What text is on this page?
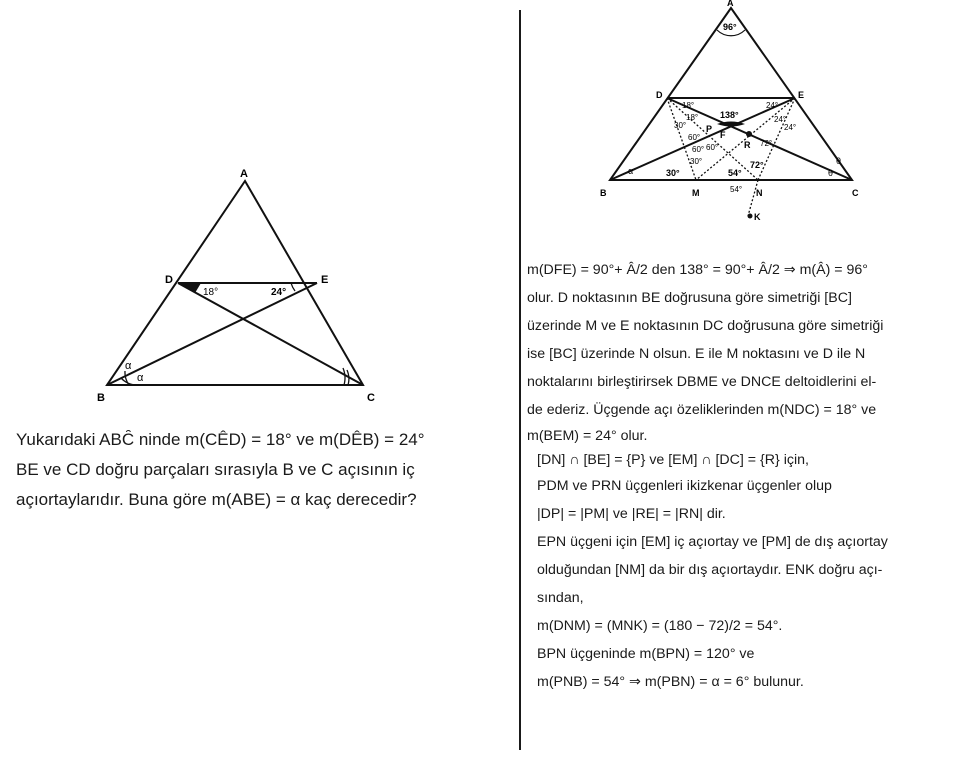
A
B	C
D	E
18°	24°
α
α
Yukarıdaki ABC̑ ninde m(CÊD) = 18° ve m(DÊB) = 24°
BE ve CD doğru parçaları sırasıyla B ve C açısının iç
açıortaylarıdır. Buna göre m(ABE) = α kaç derecedir?
A
B	C
D	E
M	N
K
P
F
R
96°
138°
18°
18°
24°
24°
24°
30°
60°
60° 60°
30°
30°
72°
72°
54°
54°
α	θ
θ
m(DFE) = 90°+ Â/2 den 138° = 90°+ Â/2 ⇒ m(Â) = 96°
olur. D noktasının BE doğrusuna göre simetriği [BC]
üzerinde M ve E noktasının DC doğrusuna göre simetriği
ise [BC] üzerinde N olsun. E ile M noktasını ve D ile N
noktalarını birleştirirsek DBME ve DNCE deltoidlerini el-
de ederiz. Üçgende açı özeliklerinden m(NDC) = 18° ve
m(BEM) = 24° olur.
[DN] ∩ [BE] = {P} ve [EM] ∩ [DC] = {R} için,
PDM ve PRN üçgenleri ikizkenar üçgenler olup
|DP| = |PM| ve |RE| = |RN| dir.
EPN üçgeni için [EM] iç açıortay ve [PM] de dış açıortay
olduğundan [NM] da bir dış açıortaydır. ENK doğru açı-
sından,
m(DNM) = (MNK) = (180 − 72)/2 = 54°.
BPN üçgeninde m(BPN) = 120° ve
m(PNB) = 54° ⇒ m(PBN) = α = 6° bulunur.
